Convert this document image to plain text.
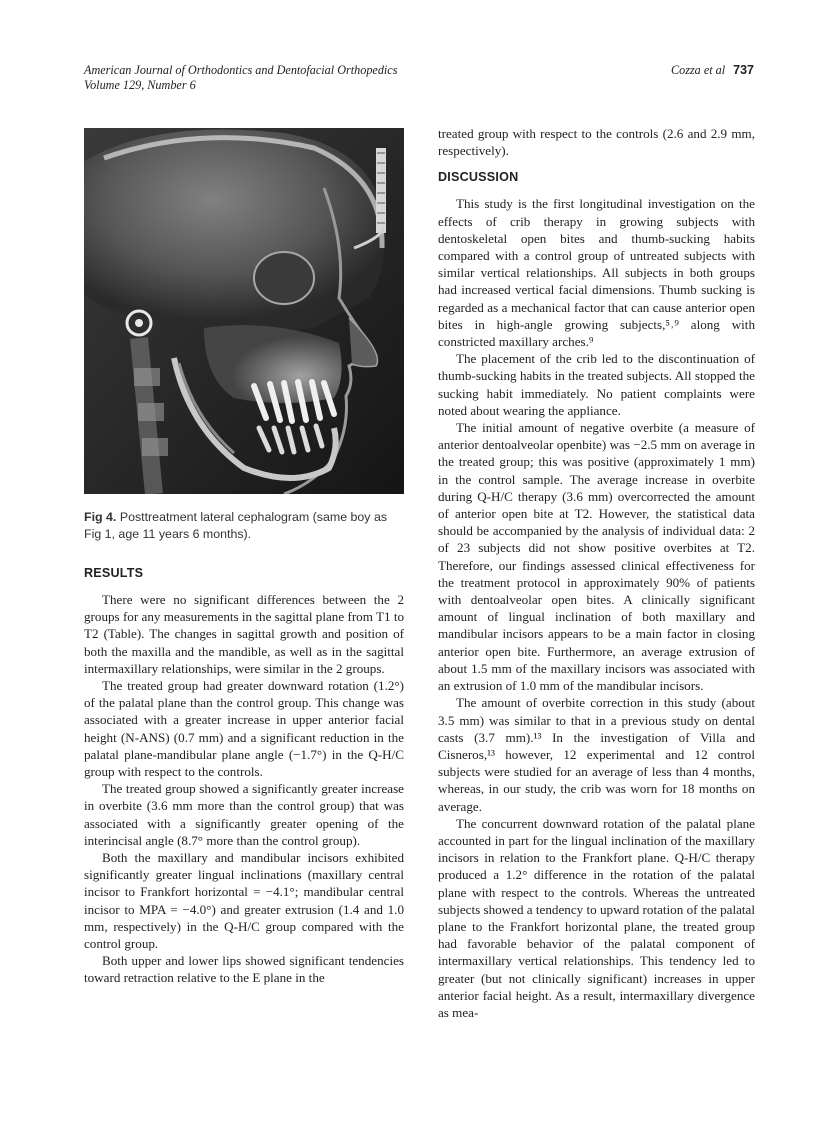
American Journal of Orthodontics and Dentofacial Orthopedics
Volume 129, Number 6
Cozza et al 737
Fig 4. Posttreatment lateral cephalogram (same boy as Fig 1, age 11 years 6 months).
RESULTS

There were no significant differences between the 2 groups for any measurements in the sagittal plane from T1 to T2 (Table). The changes in sagittal growth and position of both the maxilla and the mandible, as well as in the sagittal intermaxillary relationships, were similar in the 2 groups.

The treated group had greater downward rotation (1.2°) of the palatal plane than the control group. This change was associated with a greater increase in upper anterior facial height (N-ANS) (0.7 mm) and a significant reduction in the palatal plane-mandibular plane angle (−1.7°) in the Q-H/C group with respect to the controls.

The treated group showed a significantly greater increase in overbite (3.6 mm more than the control group) that was associated with a significantly greater opening of the interincisal angle (8.7° more than the control group).

Both the maxillary and mandibular incisors exhibited significantly greater lingual inclinations (maxillary central incisor to Frankfort horizontal = −4.1°; mandibular central incisor to MPA = −4.0°) and greater extrusion (1.4 and 1.0 mm, respectively) in the Q-H/C group compared with the control group.

Both upper and lower lips showed significant tendencies toward retraction relative to the E plane in the

treated group with respect to the controls (2.6 and 2.9 mm, respectively).

DISCUSSION

This study is the first longitudinal investigation on the effects of crib therapy in growing subjects with dentoskeletal open bites and thumb-sucking habits compared with a control group of untreated subjects with similar vertical relationships. All subjects in both groups had increased vertical facial dimensions. Thumb sucking is regarded as a mechanical factor that can cause anterior open bites in high-angle growing subjects,⁵˒⁹ along with constricted maxillary arches.⁹

The placement of the crib led to the discontinuation of thumb-sucking habits in the treated subjects. All stopped the sucking habit immediately. No patient complaints were noted about wearing the appliance.

The initial amount of negative overbite (a measure of anterior dentoalveolar openbite) was −2.5 mm on average in the treated group; this was positive (approximately 1 mm) in the control sample. The average increase in overbite during Q-H/C therapy (3.6 mm) overcorrected the amount of anterior open bite at T2. However, the statistical data should be accompanied by the analysis of individual data: 2 of 23 subjects did not show positive overbites at T2. Therefore, our findings assessed clinical effectiveness for the treatment protocol in approximately 90% of patients with dentoalveolar open bites. A clinically significant amount of lingual inclination of both maxillary and mandibular incisors appears to be a main factor in closing anterior open bite. Furthermore, an average extrusion of about 1.5 mm of the maxillary incisors was associated with an extrusion of 1.0 mm of the mandibular incisors.

The amount of overbite correction in this study (about 3.5 mm) was similar to that in a previous study on dental casts (3.7 mm).¹³ In the investigation of Villa and Cisneros,¹³ however, 12 experimental and 12 control subjects were studied for an average of less than 4 months, whereas, in our study, the crib was worn for 18 months on average.

The concurrent downward rotation of the palatal plane accounted in part for the lingual inclination of the maxillary incisors in relation to the Frankfort plane. Q-H/C therapy produced a 1.2° difference in the rotation of the palatal plane with respect to the controls. Whereas the untreated subjects showed a tendency to upward rotation of the palatal plane to the Frankfort horizontal plane, the treated group had favorable behavior of the palatal component of intermaxillary vertical relationships. This tendency led to greater (but not clinically significant) increases in upper anterior facial height. As a result, intermaxillary divergence as mea-
